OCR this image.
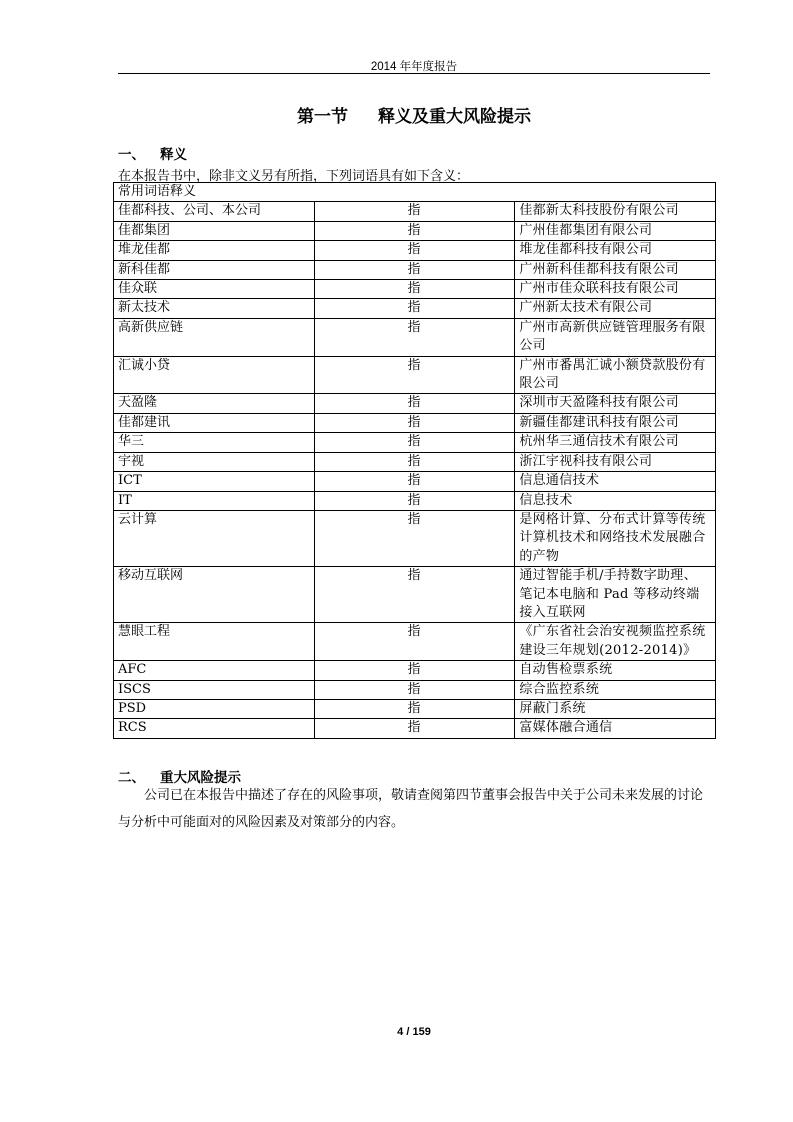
2014 年年度报告
第一节 释义及重大风险提示
一、 释义
在本报告书中，除非文义另有所指，下列词语具有如下含义：
常用词语释义		
佳都科技、公司、本公司	指	佳都新太科技股份有限公司
佳都集团	指	广州佳都集团有限公司
堆龙佳都	指	堆龙佳都科技有限公司
新科佳都	指	广州新科佳都科技有限公司
佳众联	指	广州市佳众联科技有限公司
新太技术	指	广州新太技术有限公司
高新供应链	指	广州市高新供应链管理服务有限公司
汇诚小贷	指	广州市番禺汇诚小额贷款股份有限公司
天盈隆	指	深圳市天盈隆科技有限公司
佳都建讯	指	新疆佳都建讯科技有限公司
华三	指	杭州华三通信技术有限公司
宇视	指	浙江宇视科技有限公司
ICT	指	信息通信技术
IT	指	信息技术
云计算	指	是网格计算、分布式计算等传统计算机技术和网络技术发展融合的产物
移动互联网	指	通过智能手机/手持数字助理、笔记本电脑和 Pad 等移动终端接入互联网
慧眼工程	指	《广东省社会治安视频监控系统建设三年规划(2012-2014)》
AFC	指	自动售检票系统
ISCS	指	综合监控系统
PSD	指	屏蔽门系统
RCS	指	富媒体融合通信
二、 重大风险提示
公司已在本报告中描述了存在的风险事项，敬请查阅第四节董事会报告中关于公司未来发展的讨论与分析中可能面对的风险因素及对策部分的内容。
4 / 159
